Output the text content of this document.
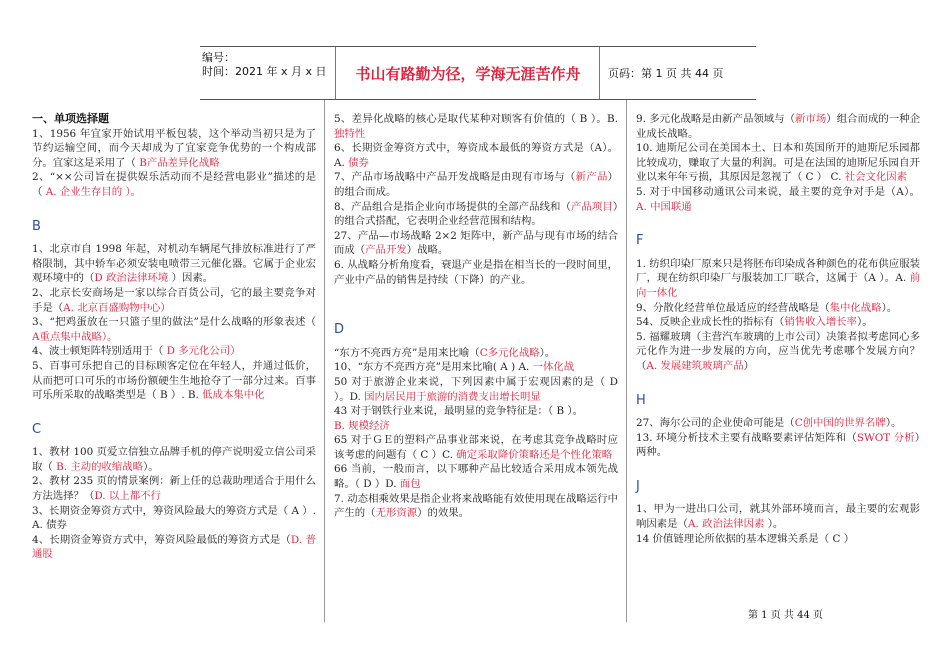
编号：
时间：2021 年 x 月 x 日	书山有路勤为径，学海无涯苦作舟	页码：第 1 页 共 44 页

一、单项选择题

1、1956 年宜家开始试用平板包装，这个举动当初只是为了节约运输空间，而今天却成为了宜家竞争优势的一个构成部分。宜家这是采用了（ B产品差异化战略

2、“××公司旨在提供娱乐活动而不是经营电影业”描述的是（ A. 企业生存目的 ）。

B

1、北京市自 1998 年起，对机动车辆尾气排放标准进行了严格限制，其中轿车必须安装电喷带三元催化器。它属于企业宏观环境中的（D 政治法律环境 ）因素。

2、北京长安商场是一家以综合百货公司，它的最主要竞争对手是（A. 北京百盛购物中心）

3、“把鸡蛋放在一只篮子里的做法”是什么战略的形象表述（ A重点集中战略）。

4、波士顿矩阵特别适用于（ D 多元化公司）

5、百事可乐把自己的目标顾客定位在年轻人，并通过低价，从而把可口可乐的市场份额硬生生地抢夺了一部分过来。百事可乐所采取的战略类型是（ B ）. B. 低成本集中化

C

1、教材 100 页爱立信独立品牌手机的停产说明爱立信公司采取（ B. 主动的收缩战略）。

2、教材 235 页的情景案例：新上任的总裁助理适合于用什么方法选择？（D. 以上都不行

3、长期资金筹资方式中，筹资风险最大的筹资方式是（ A ）. A. 债券

4、长期资金筹资方式中，筹资风险最低的筹资方式是（D. 普通股

5、差异化战略的核心是取代某种对顾客有价值的（ B ）。B. 独特性

6、长期资金筹资方式中，筹资成本最低的筹资方式是（A）。A. 债券

7、产品市场战略中产品开发战略是由现有市场与（新产品）的组合而成。

8、产品组合是指企业向市场提供的全部产品线和（产品项目）的组合式搭配，它表明企业经营范围和结构。

27、产品—市场战略 2×2 矩阵中，新产品与现有市场的结合而成（产品开发）战略。

6. 从战略分析角度看，衰退产业是指在相当长的一段时间里，产业中产品的销售是持续（下降）的产业。

D

“东方不亮西方亮”是用来比喻（C多元化战略）。

10、“东方不亮西方亮”是用来比喻( A ) A. 一体化战

50 对于旅游企业来说，下列因素中属于宏观因素的是（ D ）。D. 国内居民用于旅游的消费支出增长明显

43 对于钢铁行业来说，最明显的竞争特征是：（ B ）。
B. 规模经济

65 对于ＧＥ的塑料产品事业部来说，在考虑其竞争战略时应该考虑的问题有（ C ）C. 确定采取降价策略还是个性化策略

66 当前，一般而言，以下哪种产品比较适合采用成本领先战略。（ D ）D. 面包

7. 动态相乘效果是指企业将来战略能有效使用现在战略运行中产生的（无形资源）的效果。

9. 多元化战略是由新产品领域与（新市场）组合而成的一种企业成长战略。

10. 迪斯尼公司在美国本土、日本和英国所开的迪斯尼乐园都比较成功，赚取了大量的利润。可是在法国的迪斯尼乐园自开业以来年年亏损，其原因是忽视了（ C ） C. 社会文化因素

5. 对于中国移动通讯公司来说，最主要的竞争对手是（A）。A. 中国联通

F

1. 纺织印染厂原来只是将胚布印染成各种颜色的花布供应服装厂，现在纺织印染厂与服装加工厂联合，这属于（A ）。A. 前向一体化

9、分散化经营单位最适应的经营战略是（集中化战略）。

54、反映企业成长性的指标有（销售收入增长率）。

5. 福耀玻璃（主营汽车玻璃的上市公司）决策者拟考虑同心多元化作为进一步发展的方向，应当优先考虑哪个发展方向？（A. 发展建筑玻璃产品）

H

27、海尔公司的企业使命可能是（C创中国的世界名牌）。

13. 环境分析技术主要有战略要素评估矩阵和（SWOT 分析）两种。

J

1、甲为一进出口公司，就其外部环境而言，最主要的宏观影响因素是（A. 政治法律因素 ）。

14 价值链理论所依据的基本逻辑关系是（ C ）

第 1 页 共 44 页
